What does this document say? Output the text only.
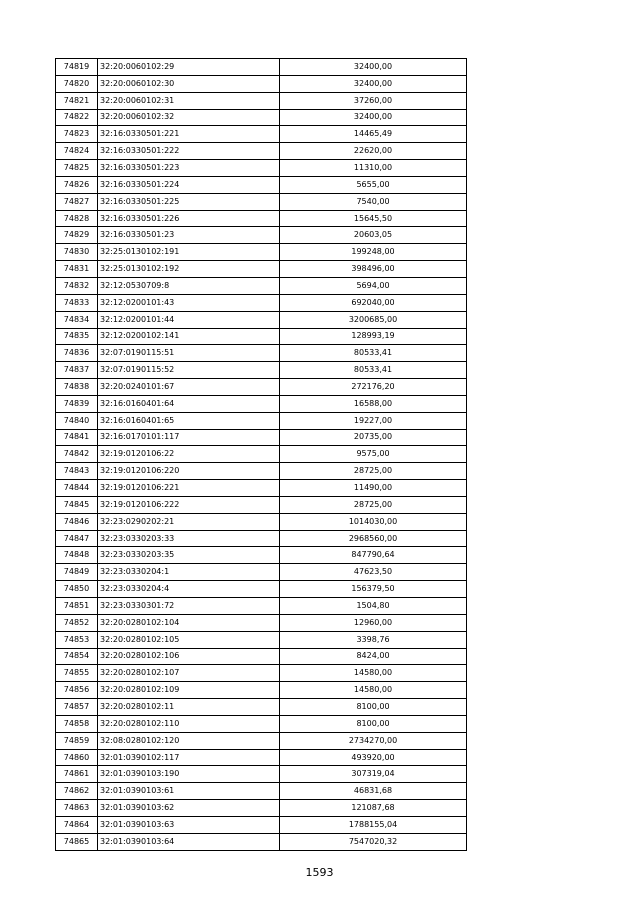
74819	32:20:0060102:29	32400,00
74820	32:20:0060102:30	32400,00
74821	32:20:0060102:31	37260,00
74822	32:20:0060102:32	32400,00
74823	32:16:0330501:221	14465,49
74824	32:16:0330501:222	22620,00
74825	32:16:0330501:223	11310,00
74826	32:16:0330501:224	5655,00
74827	32:16:0330501:225	7540,00
74828	32:16:0330501:226	15645,50
74829	32:16:0330501:23	20603,05
74830	32:25:0130102:191	199248,00
74831	32:25:0130102:192	398496,00
74832	32:12:0530709:8	5694,00
74833	32:12:0200101:43	692040,00
74834	32:12:0200101:44	3200685,00
74835	32:12:0200102:141	128993,19
74836	32:07:0190115:51	80533,41
74837	32:07:0190115:52	80533,41
74838	32:20:0240101:67	272176,20
74839	32:16:0160401:64	16588,00
74840	32:16:0160401:65	19227,00
74841	32:16:0170101:117	20735,00
74842	32:19:0120106:22	9575,00
74843	32:19:0120106:220	28725,00
74844	32:19:0120106:221	11490,00
74845	32:19:0120106:222	28725,00
74846	32:23:0290202:21	1014030,00
74847	32:23:0330203:33	2968560,00
74848	32:23:0330203:35	847790,64
74849	32:23:0330204:1	47623,50
74850	32:23:0330204:4	156379,50
74851	32:23:0330301:72	1504,80
74852	32:20:0280102:104	12960,00
74853	32:20:0280102:105	3398,76
74854	32:20:0280102:106	8424,00
74855	32:20:0280102:107	14580,00
74856	32:20:0280102:109	14580,00
74857	32:20:0280102:11	8100,00
74858	32:20:0280102:110	8100,00
74859	32:08:0280102:120	2734270,00
74860	32:01:0390102:117	493920,00
74861	32:01:0390103:190	307319,04
74862	32:01:0390103:61	46831,68
74863	32:01:0390103:62	121087,68
74864	32:01:0390103:63	1788155,04
74865	32:01:0390103:64	7547020,32
1593
